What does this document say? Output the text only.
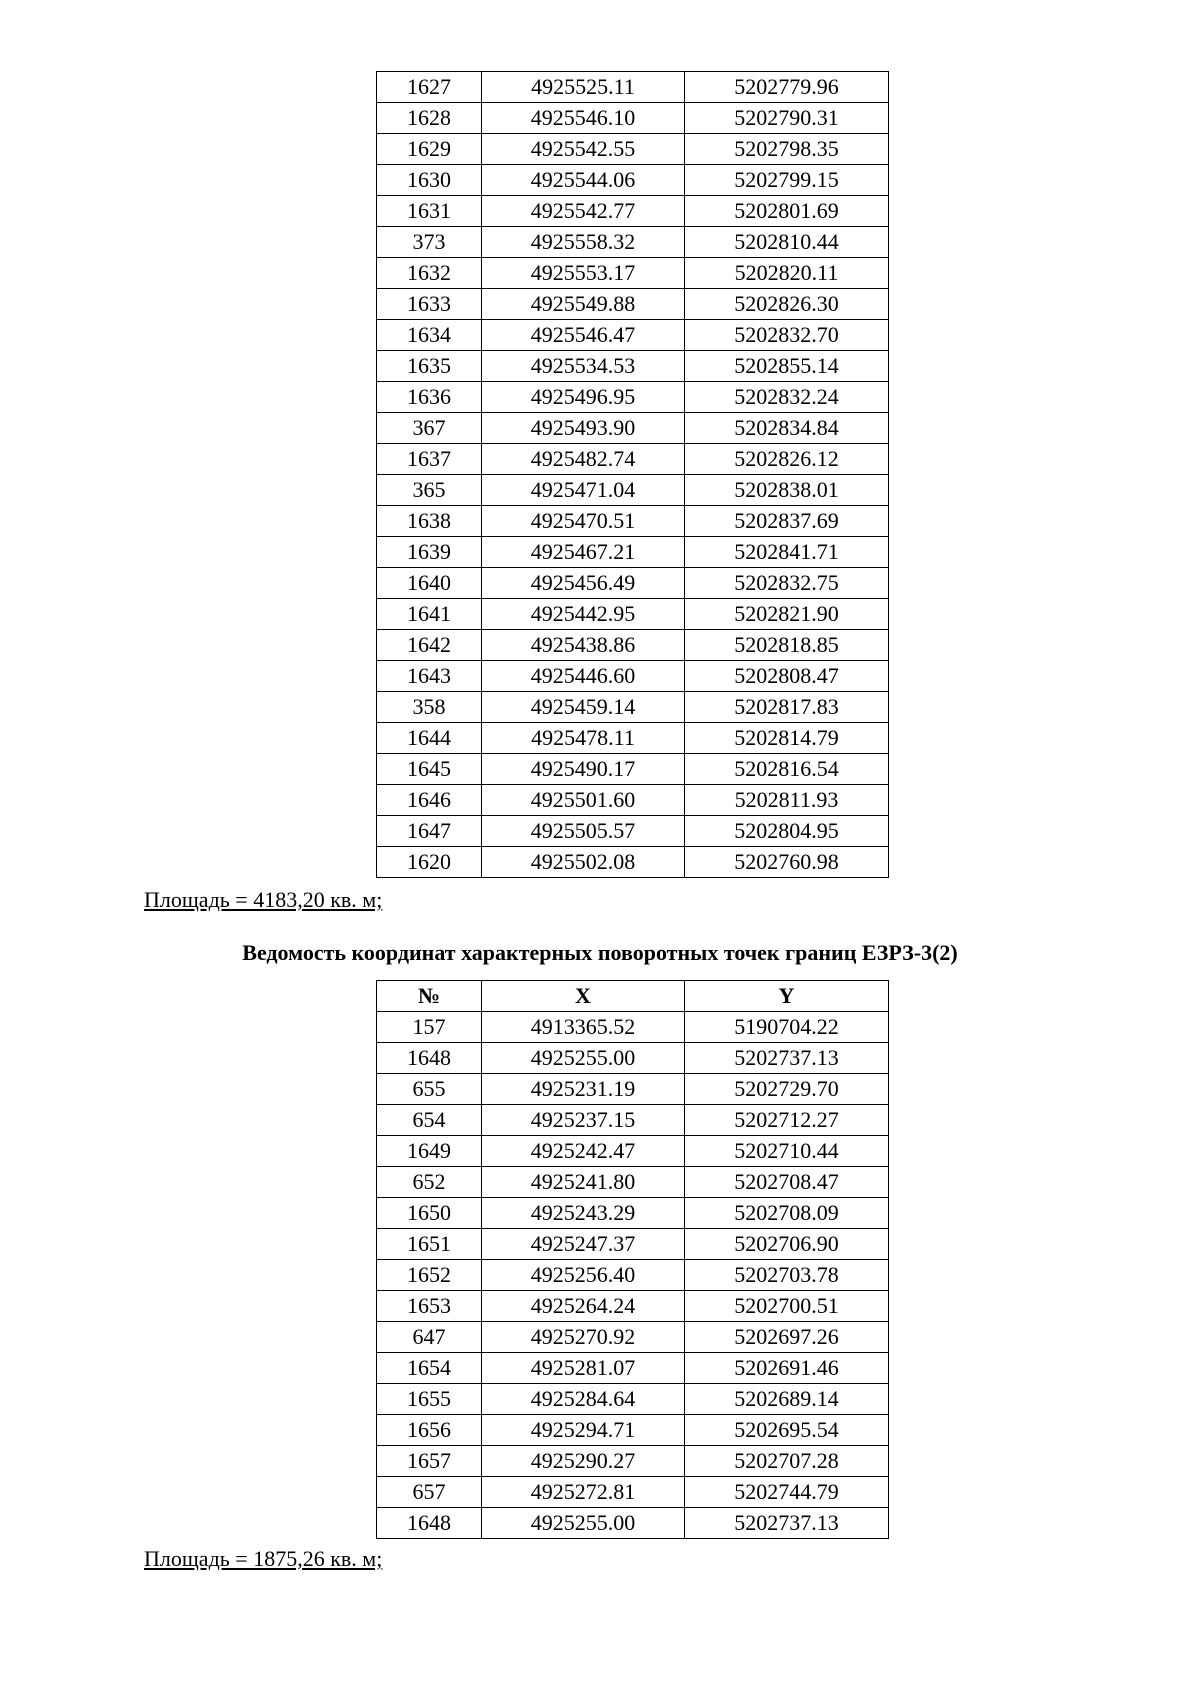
1627	4925525.11	5202779.96
1628	4925546.10	5202790.31
1629	4925542.55	5202798.35
1630	4925544.06	5202799.15
1631	4925542.77	5202801.69
373	4925558.32	5202810.44
1632	4925553.17	5202820.11
1633	4925549.88	5202826.30
1634	4925546.47	5202832.70
1635	4925534.53	5202855.14
1636	4925496.95	5202832.24
367	4925493.90	5202834.84
1637	4925482.74	5202826.12
365	4925471.04	5202838.01
1638	4925470.51	5202837.69
1639	4925467.21	5202841.71
1640	4925456.49	5202832.75
1641	4925442.95	5202821.90
1642	4925438.86	5202818.85
1643	4925446.60	5202808.47
358	4925459.14	5202817.83
1644	4925478.11	5202814.79
1645	4925490.17	5202816.54
1646	4925501.60	5202811.93
1647	4925505.57	5202804.95
1620	4925502.08	5202760.98
Площадь = 4183,20 кв. м;
Ведомость координат характерных поворотных точек границ ЕЗРЗ-3(2)
№	X	Y
157	4913365.52	5190704.22
1648	4925255.00	5202737.13
655	4925231.19	5202729.70
654	4925237.15	5202712.27
1649	4925242.47	5202710.44
652	4925241.80	5202708.47
1650	4925243.29	5202708.09
1651	4925247.37	5202706.90
1652	4925256.40	5202703.78
1653	4925264.24	5202700.51
647	4925270.92	5202697.26
1654	4925281.07	5202691.46
1655	4925284.64	5202689.14
1656	4925294.71	5202695.54
1657	4925290.27	5202707.28
657	4925272.81	5202744.79
1648	4925255.00	5202737.13
Площадь = 1875,26 кв. м;
